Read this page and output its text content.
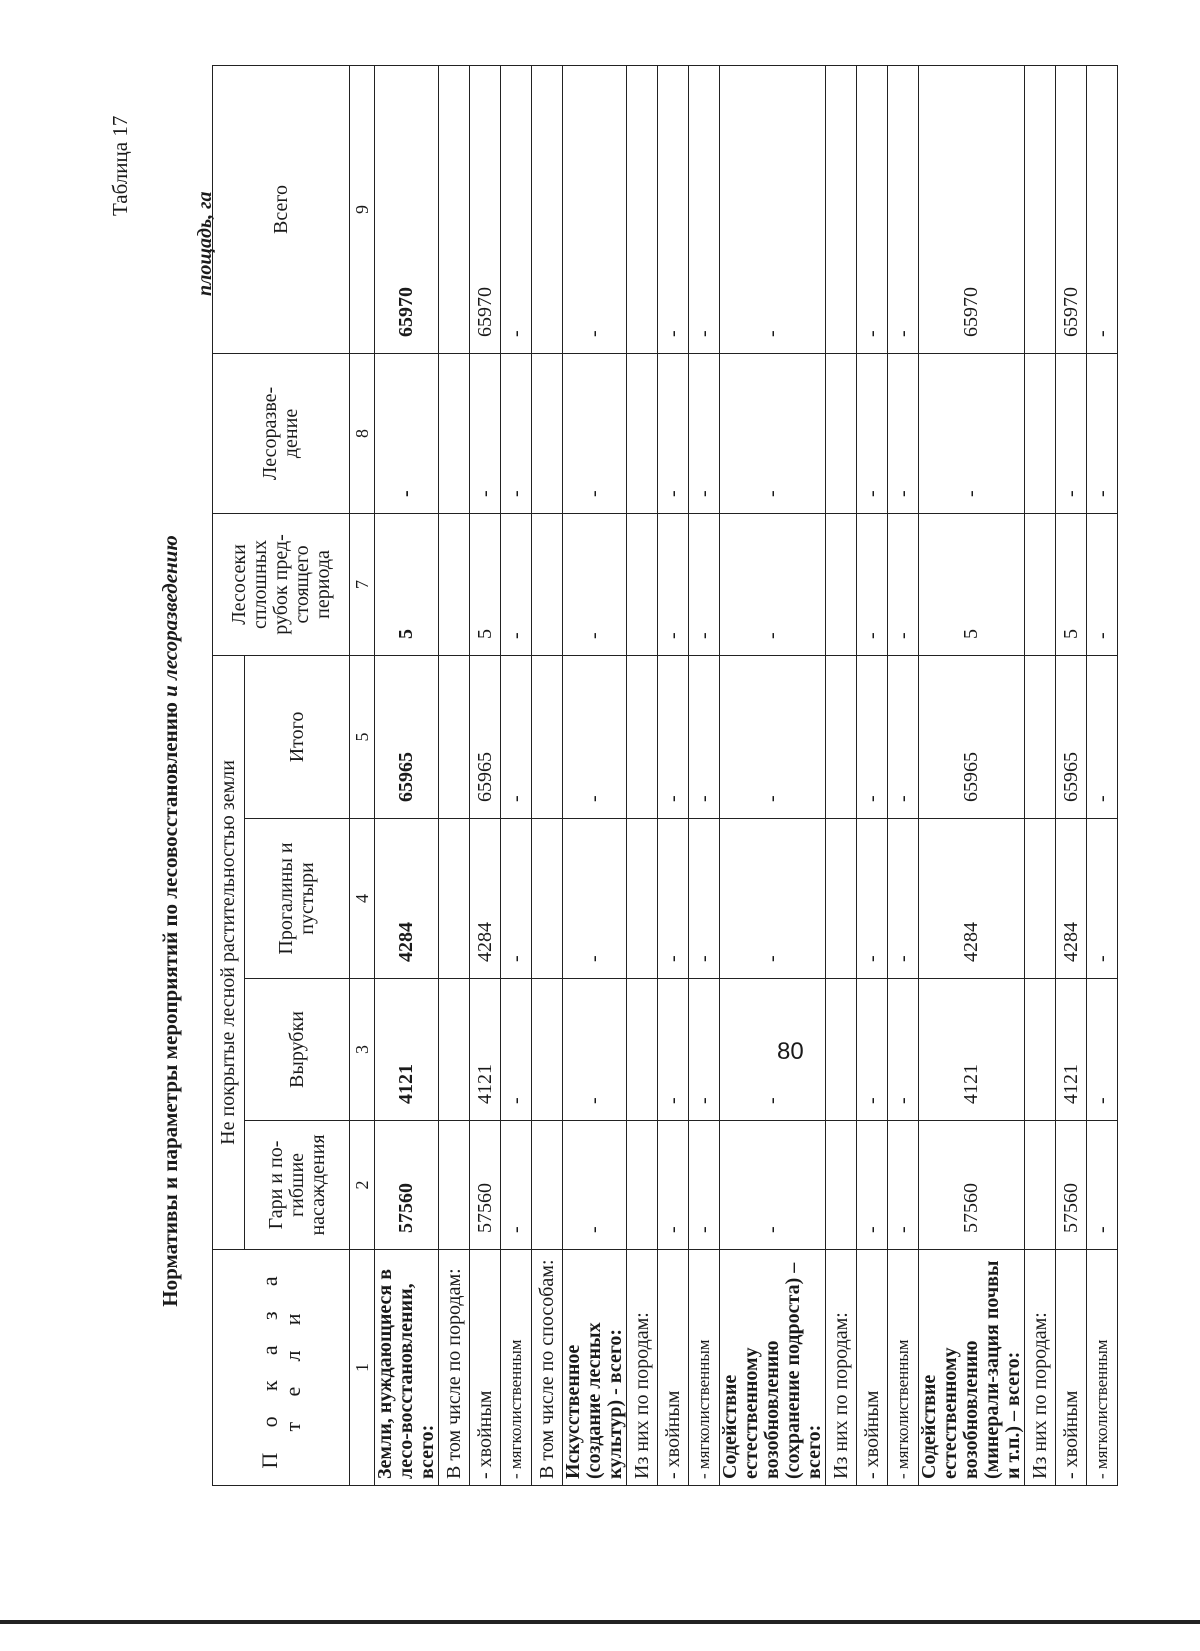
Таблица 17
Нормативы и параметры мероприятий по лесовосстановлению и лесоразведению
площадь, га
П о к а з а т е л и	Не покрытые лесной растительностью земли				Лесосеки сплошных рубок пред- стоящего периода	Лесоразве- дение	Всего
	Гари и по- гибшие насаждения	Вырубки	Прогалины и пустыри	Итого			
1	2	3	4	5	7	8	9
Земли, нуждающиеся в лесо-восстановлении, всего:	57560	4121	4284	65965	5	-	65970
В том числе по породам:							
- хвойным	57560	4121	4284	65965	5	-	65970
- мягколиственным	-	-	-	-	-	-	-
В том числе по способам:							
Искусственное (создание лесных культур) - всего:	-	-	-	-	-	-	-
Из них по породам:							
- хвойным	-	-	-	-	-	-	-
- мягколиственным	-	-	-	-	-	-	-
Содействие естественному возобновлению (сохранение подроста) – всего:	-	-	-	-	-	-	-
Из них по породам:							
- хвойным	-	-	-	-	-	-	-
- мягколиственным	-	-	-	-	-	-	-
Содействие естественному возобновлению (минерали-зация почвы и т.п.) – всего:	57560	4121	4284	65965	5	-	65970
Из них по породам:							
- хвойным	57560	4121	4284	65965	5	-	65970
- мягколиственным	-	-	-	-	-	-	-
80
